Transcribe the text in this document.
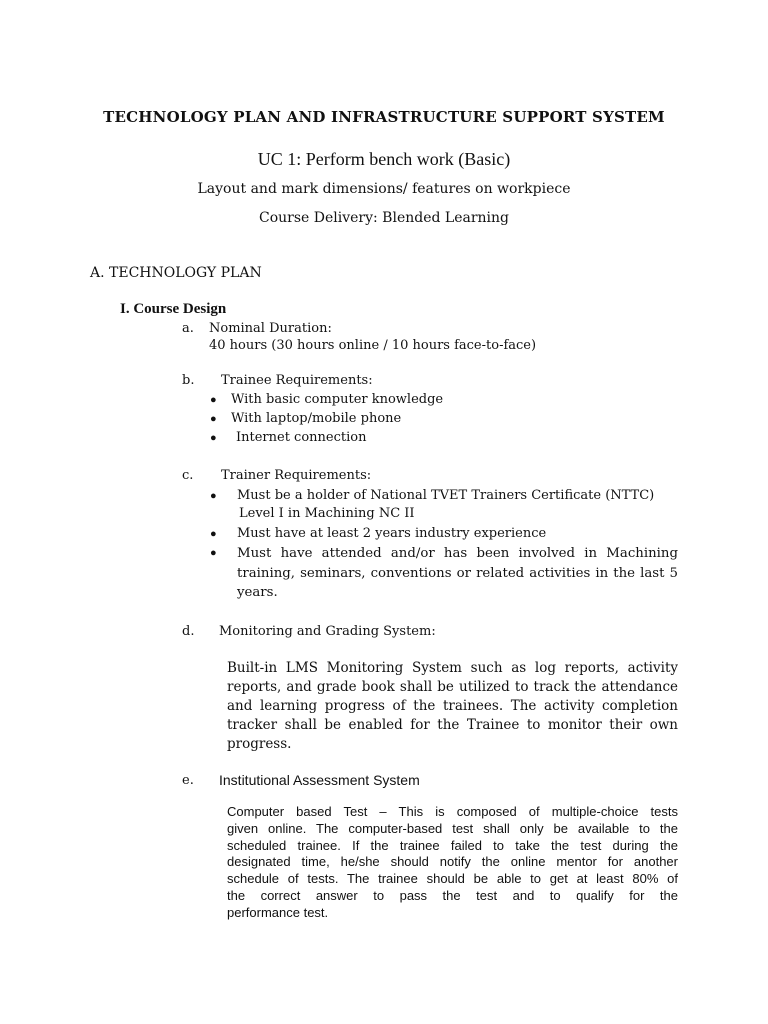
TECHNOLOGY PLAN AND INFRASTRUCTURE SUPPORT SYSTEM
UC 1: Perform bench work (Basic)
Layout and mark dimensions/ features on workpiece
Course Delivery: Blended Learning
A. TECHNOLOGY PLAN
I. Course Design
a. Nominal Duration:
40 hours (30 hours online / 10 hours face-to-face)
b. Trainee Requirements:
● With basic computer knowledge
● With laptop/mobile phone
● Internet connection
c. Trainer Requirements:
● Must be a holder of National TVET Trainers Certificate (NTTC)
Level I in Machining NC II
● Must have at least 2 years industry experience
● Must have attended and/or has been involved in Machining
training, seminars, conventions or related activities in the last 5
years.
d. Monitoring and Grading System:
Built-in LMS Monitoring System such as log reports, activity
reports, and grade book shall be utilized to track the attendance
and learning progress of the trainees. The activity completion
tracker shall be enabled for the Trainee to monitor their own
progress.
e. Institutional Assessment System
Computer based Test – This is composed of multiple-choice tests
given online. The computer-based test shall only be available to the
scheduled trainee. If the trainee failed to take the test during the
designated time, he/she should notify the online mentor for another
schedule of tests. The trainee should be able to get at least 80% of
the correct answer to pass the test and to qualify for the
performance test.
